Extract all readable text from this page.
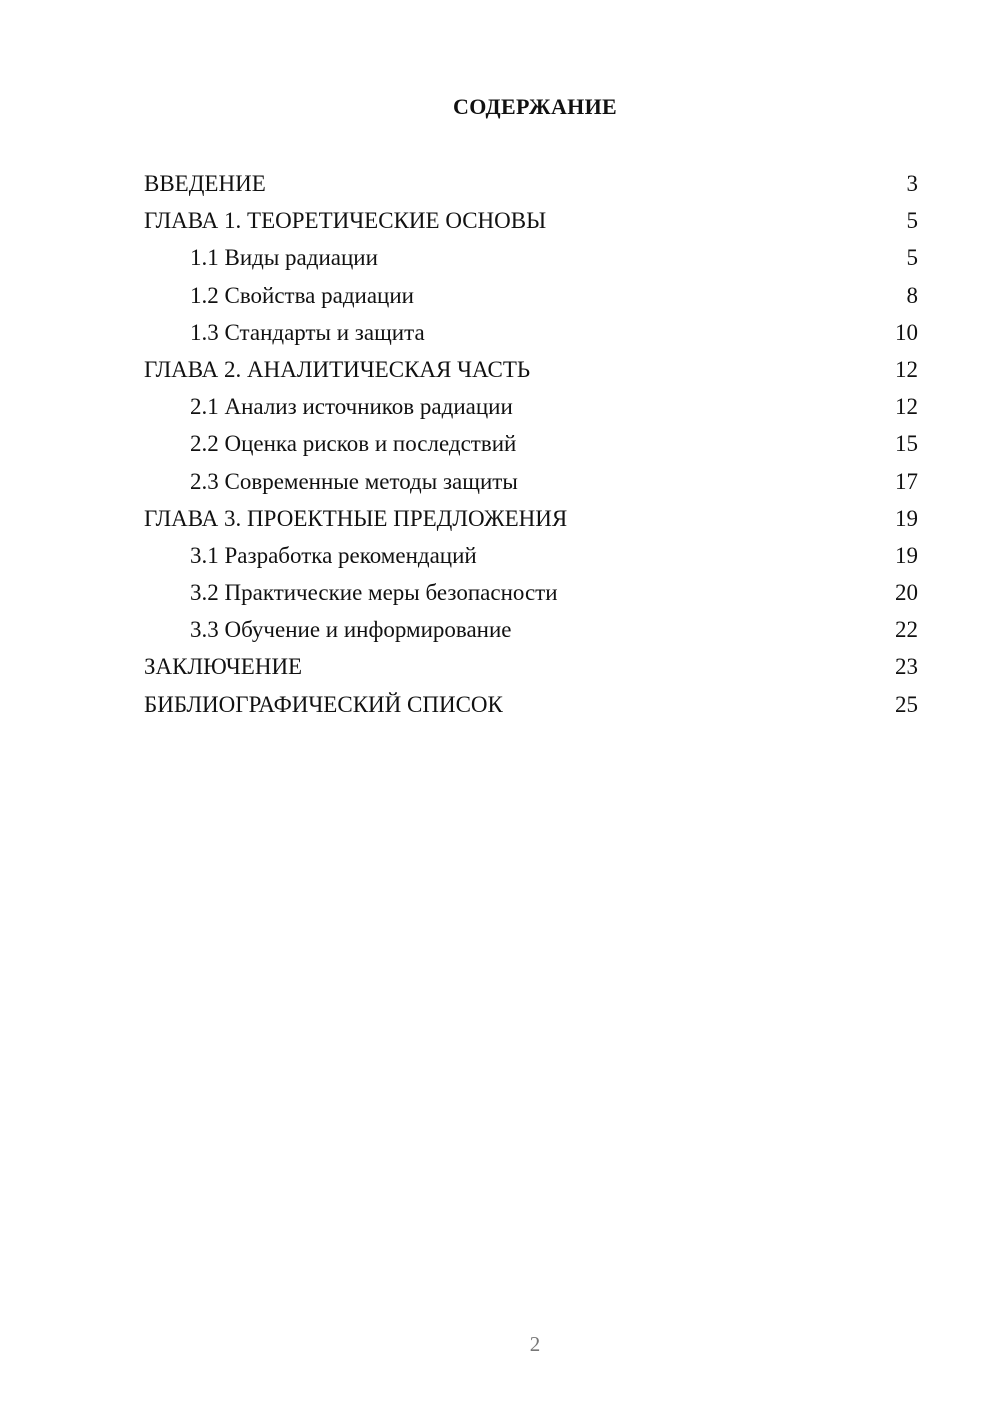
СОДЕРЖАНИЕ
ВВЕДЕНИЕ	3
ГЛАВА 1. ТЕОРЕТИЧЕСКИЕ ОСНОВЫ	5
1.1 Виды радиации	5
1.2 Свойства радиации	8
1.3 Стандарты и защита	10
ГЛАВА 2. АНАЛИТИЧЕСКАЯ ЧАСТЬ	12
2.1 Анализ источников радиации	12
2.2 Оценка рисков и последствий	15
2.3 Современные методы защиты	17
ГЛАВА 3. ПРОЕКТНЫЕ ПРЕДЛОЖЕНИЯ	19
3.1 Разработка рекомендаций	19
3.2 Практические меры безопасности	20
3.3 Обучение и информирование	22
ЗАКЛЮЧЕНИЕ	23
БИБЛИОГРАФИЧЕСКИЙ СПИСОК	25
2
